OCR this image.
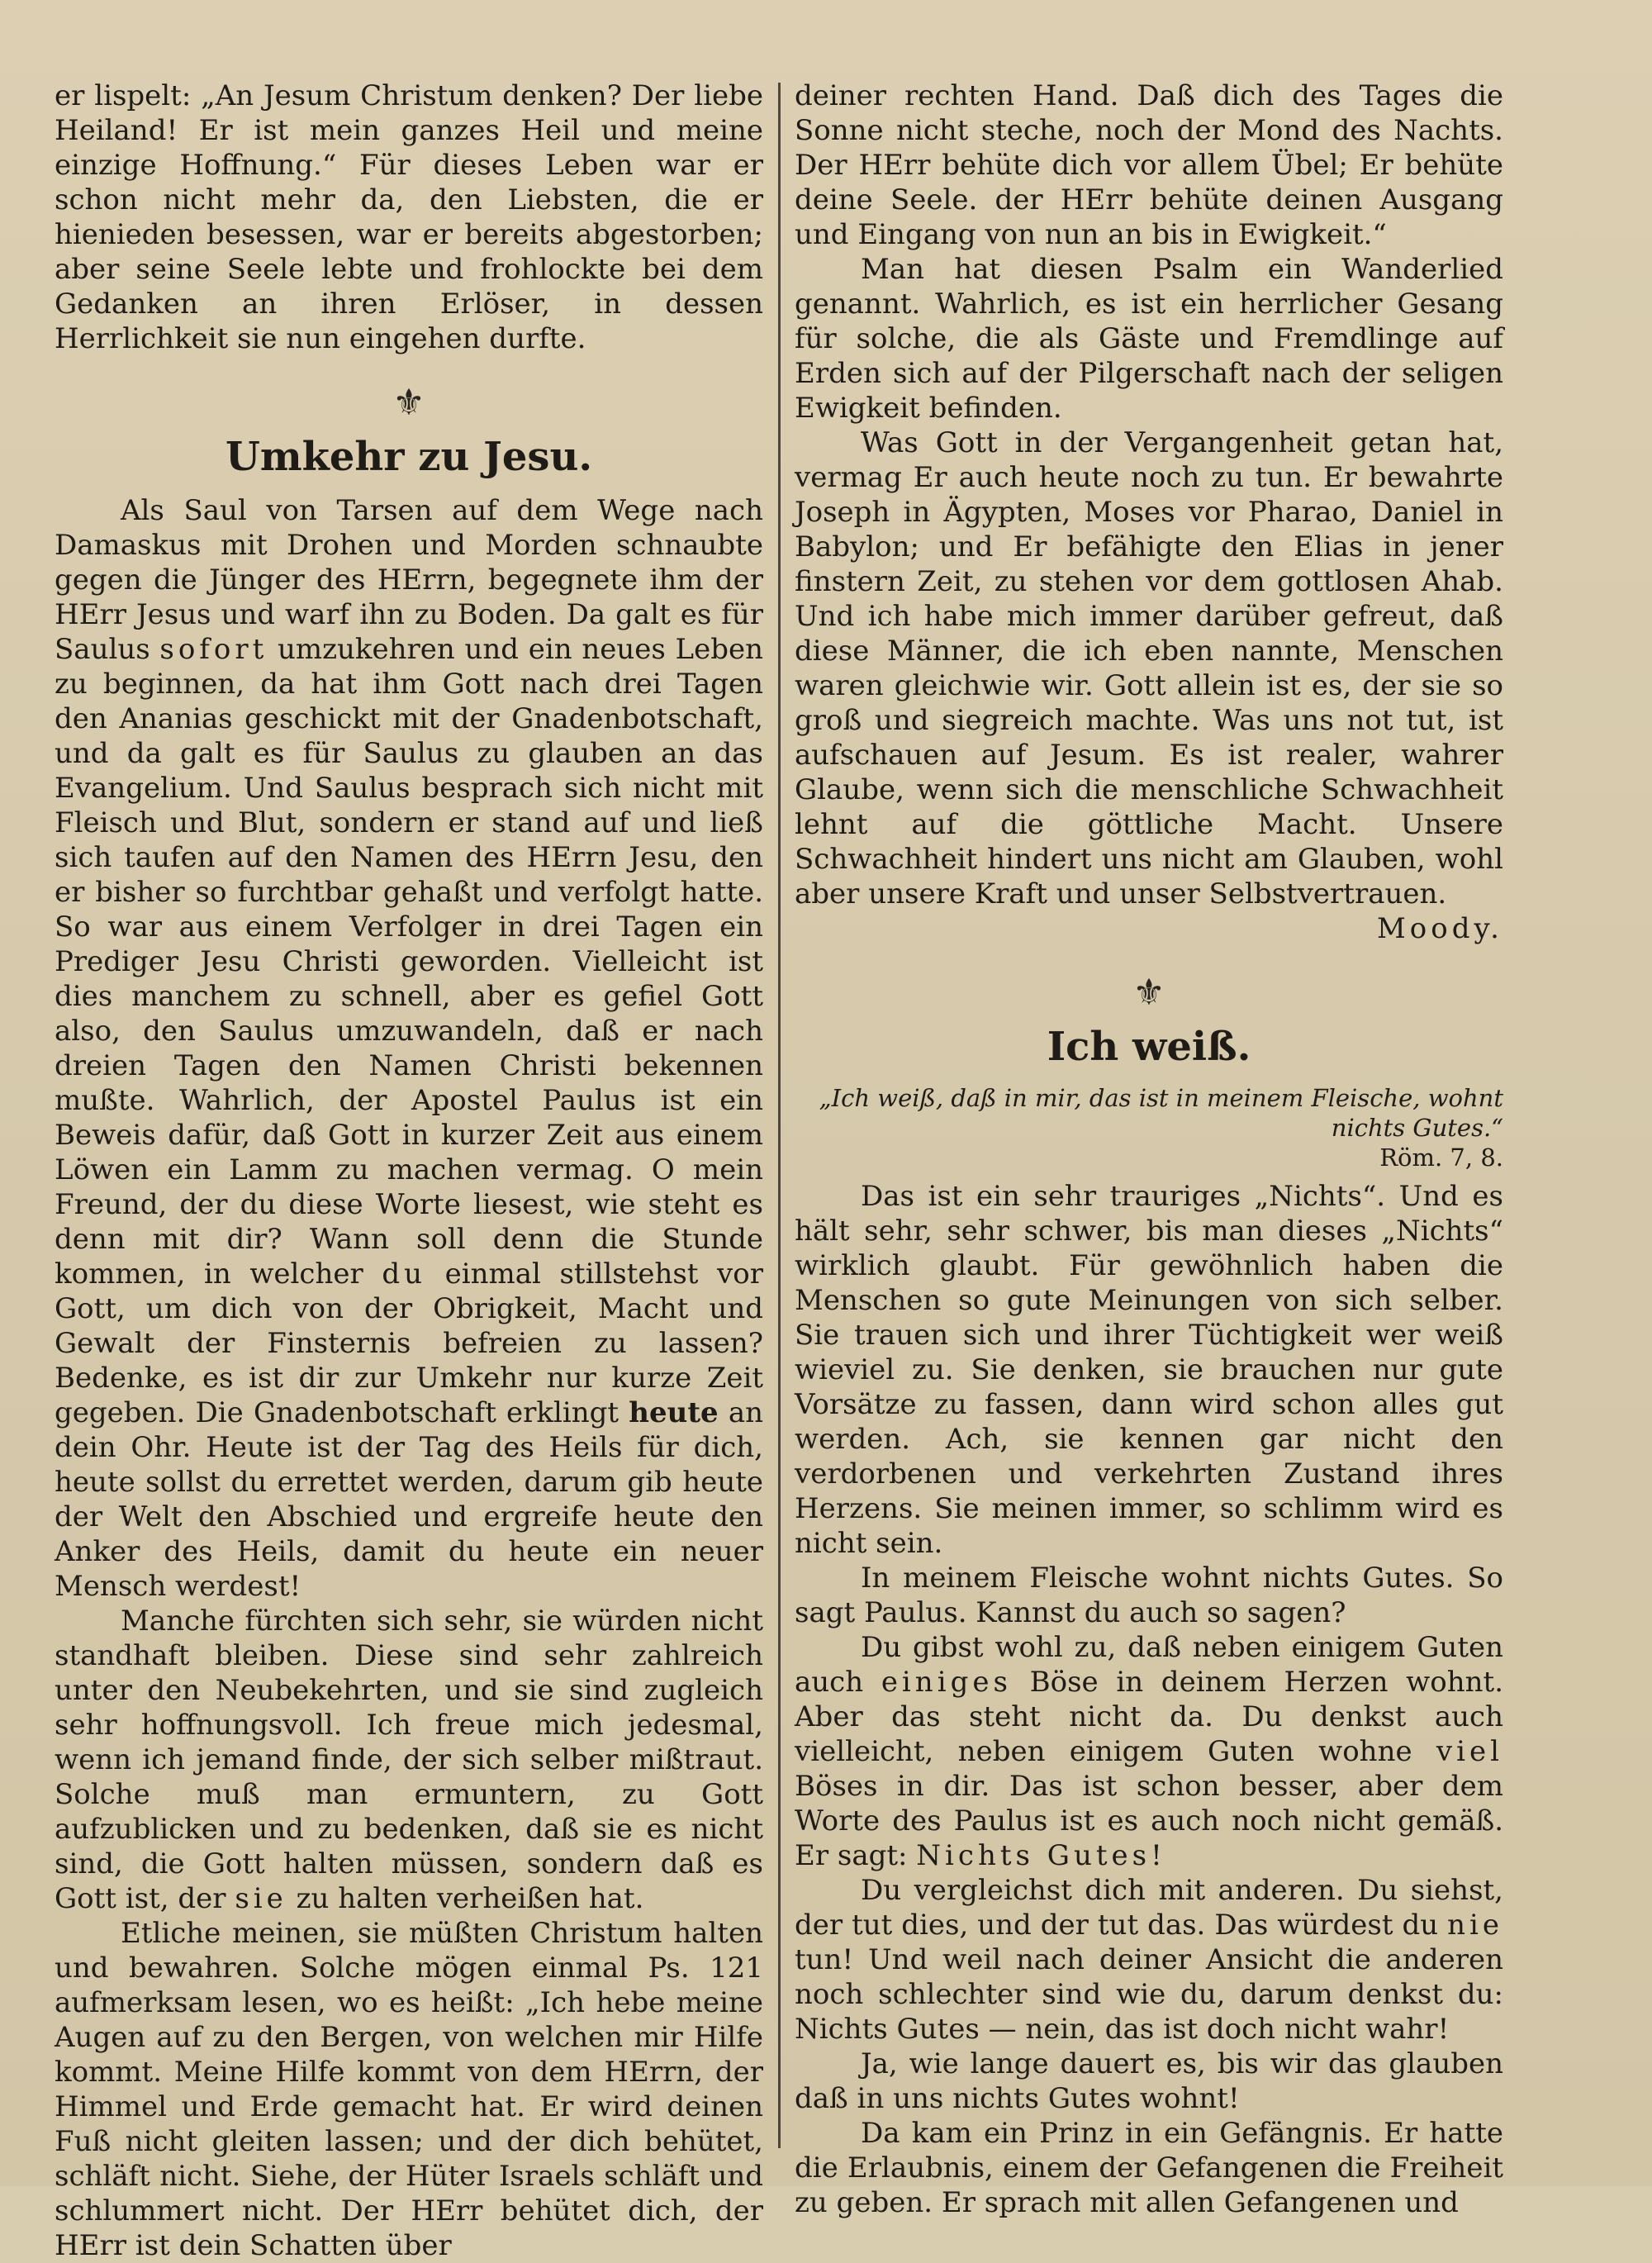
er lispelt: „An Jesum Christum denken? Der liebe Heiland! Er ist mein ganzes Heil und meine einzige Hoffnung.“ Für dieses Leben war er schon nicht mehr da, den Liebsten, die er hienieden besessen, war er bereits abgestorben; aber seine Seele lebte und frohlockte bei dem Gedanken an ihren Erlöser, in dessen Herrlichkeit sie nun eingehen durfte.

⚜
Umkehr zu Jesu.

Als Saul von Tarsen auf dem Wege nach Damaskus mit Drohen und Morden schnaubte gegen die Jünger des HErrn, begegnete ihm der HErr Jesus und warf ihn zu Boden. Da galt es für Saulus sofort umzukehren und ein neues Leben zu beginnen, da hat ihm Gott nach drei Tagen den Ananias geschickt mit der Gnadenbotschaft, und da galt es für Saulus zu glauben an das Evangelium. Und Saulus besprach sich nicht mit Fleisch und Blut, sondern er stand auf und ließ sich taufen auf den Namen des HErrn Jesu, den er bisher so furchtbar gehaßt und verfolgt hatte. So war aus einem Verfolger in drei Tagen ein Prediger Jesu Christi geworden. Vielleicht ist dies manchem zu schnell, aber es gefiel Gott also, den Saulus umzuwandeln, daß er nach dreien Tagen den Namen Christi bekennen mußte. Wahrlich, der Apostel Paulus ist ein Beweis dafür, daß Gott in kurzer Zeit aus einem Löwen ein Lamm zu machen vermag. O mein Freund, der du diese Worte liesest, wie steht es denn mit dir? Wann soll denn die Stunde kommen, in welcher du einmal stillstehst vor Gott, um dich von der Obrigkeit, Macht und Gewalt der Finsternis befreien zu lassen? Bedenke, es ist dir zur Umkehr nur kurze Zeit gegeben. Die Gnadenbotschaft erklingt heute an dein Ohr. Heute ist der Tag des Heils für dich, heute sollst du errettet werden, darum gib heute der Welt den Abschied und ergreife heute den Anker des Heils, damit du heute ein neuer Mensch werdest!

Manche fürchten sich sehr, sie würden nicht standhaft bleiben. Diese sind sehr zahlreich unter den Neubekehrten, und sie sind zugleich sehr hoffnungsvoll. Ich freue mich jedesmal, wenn ich jemand finde, der sich selber mißtraut. Solche muß man ermuntern, zu Gott aufzublicken und zu bedenken, daß sie es nicht sind, die Gott halten müssen, sondern daß es Gott ist, der sie zu halten verheißen hat.

Etliche meinen, sie müßten Christum halten und bewahren. Solche mögen einmal Ps. 121 aufmerksam lesen, wo es heißt: „Ich hebe meine Augen auf zu den Bergen, von welchen mir Hilfe kommt. Meine Hilfe kommt von dem HErrn, der Himmel und Erde gemacht hat. Er wird deinen Fuß nicht gleiten lassen; und der dich behütet, schläft nicht. Siehe, der Hüter Israels schläft und schlummert nicht. Der HErr behütet dich, der HErr ist dein Schatten über

deiner rechten Hand. Daß dich des Tages die Sonne nicht steche, noch der Mond des Nachts. Der HErr behüte dich vor allem Übel; Er behüte deine Seele. der HErr behüte deinen Ausgang und Eingang von nun an bis in Ewigkeit.“

Man hat diesen Psalm ein Wanderlied genannt. Wahrlich, es ist ein herrlicher Gesang für solche, die als Gäste und Fremdlinge auf Erden sich auf der Pilgerschaft nach der seligen Ewigkeit befinden.

Was Gott in der Vergangenheit getan hat, vermag Er auch heute noch zu tun. Er bewahrte Joseph in Ägypten, Moses vor Pharao, Daniel in Babylon; und Er befähigte den Elias in jener finstern Zeit, zu stehen vor dem gottlosen Ahab. Und ich habe mich immer darüber gefreut, daß diese Männer, die ich eben nannte, Menschen waren gleichwie wir. Gott allein ist es, der sie so groß und siegreich machte. Was uns not tut, ist aufschauen auf Jesum. Es ist realer, wahrer Glaube, wenn sich die menschliche Schwachheit lehnt auf die göttliche Macht. Unsere Schwachheit hindert uns nicht am Glauben, wohl aber unsere Kraft und unser Selbstvertrauen.

Moody.
⚜
Ich weiß.
„Ich weiß, daß in mir, das ist in meinem Fleische, wohnt nichts Gutes.“
Röm. 7, 8.

Das ist ein sehr trauriges „Nichts“. Und es hält sehr, sehr schwer, bis man dieses „Nichts“ wirklich glaubt. Für gewöhnlich haben die Menschen so gute Meinungen von sich selber. Sie trauen sich und ihrer Tüchtigkeit wer weiß wieviel zu. Sie denken, sie brauchen nur gute Vorsätze zu fassen, dann wird schon alles gut werden. Ach, sie kennen gar nicht den verdorbenen und verkehrten Zustand ihres Herzens. Sie meinen immer, so schlimm wird es nicht sein.

In meinem Fleische wohnt nichts Gutes. So sagt Paulus. Kannst du auch so sagen?

Du gibst wohl zu, daß neben einigem Guten auch einiges Böse in deinem Herzen wohnt. Aber das steht nicht da. Du denkst auch vielleicht, neben einigem Guten wohne viel Böses in dir. Das ist schon besser, aber dem Worte des Paulus ist es auch noch nicht gemäß. Er sagt: Nichts Gutes!

Du vergleichst dich mit anderen. Du siehst, der tut dies, und der tut das. Das würdest du nie tun! Und weil nach deiner Ansicht die anderen noch schlechter sind wie du, darum denkst du: Nichts Gutes — nein, das ist doch nicht wahr!

Ja, wie lange dauert es, bis wir das glauben daß in uns nichts Gutes wohnt!

Da kam ein Prinz in ein Gefängnis. Er hatte die Erlaubnis, einem der Gefangenen die Freiheit zu geben. Er sprach mit allen Gefangenen und
